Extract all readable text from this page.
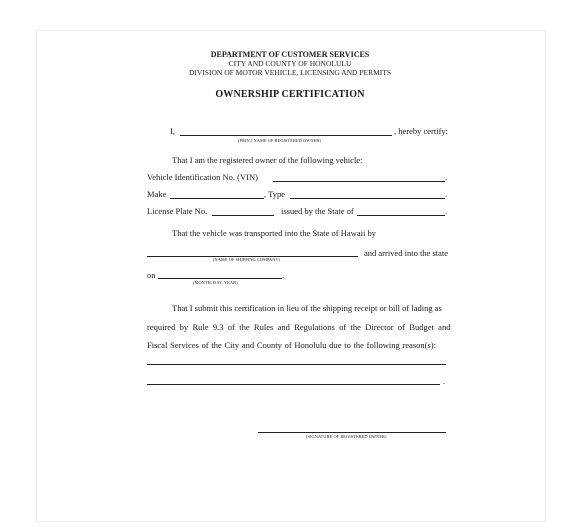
DEPARTMENT OF CUSTOMER SERVICES
CITY AND COUNTY OF HONOLULU
DIVISION OF MOTOR VEHICLE, LICENSING AND PERMITS
OWNERSHIP CERTIFICATION
I,	, hereby certify:
(PRINT NAME OF REGISTERED OWNER)
That I am the registered owner of the following vehicle:
Vehicle Identification No. (VIN)	.
Make	, Type	.
License Plate No.	issued by the State of	.
That the vehicle was transported into the State of Hawaii by
and arrived into the state
(NAME OF SHIPPING COMPANY)
on	.
(MONTH, DAY, YEAR)
That I submit this certification in lieu of the shipping receipt or bill of lading as
required by Rule 9.3 of the Rules and Regulations of the Director of Budget and
Fiscal Services of the City and County of Honolulu due to the following reason(s):
.
(SIGNATURE OF REGISTERED OWNER)
